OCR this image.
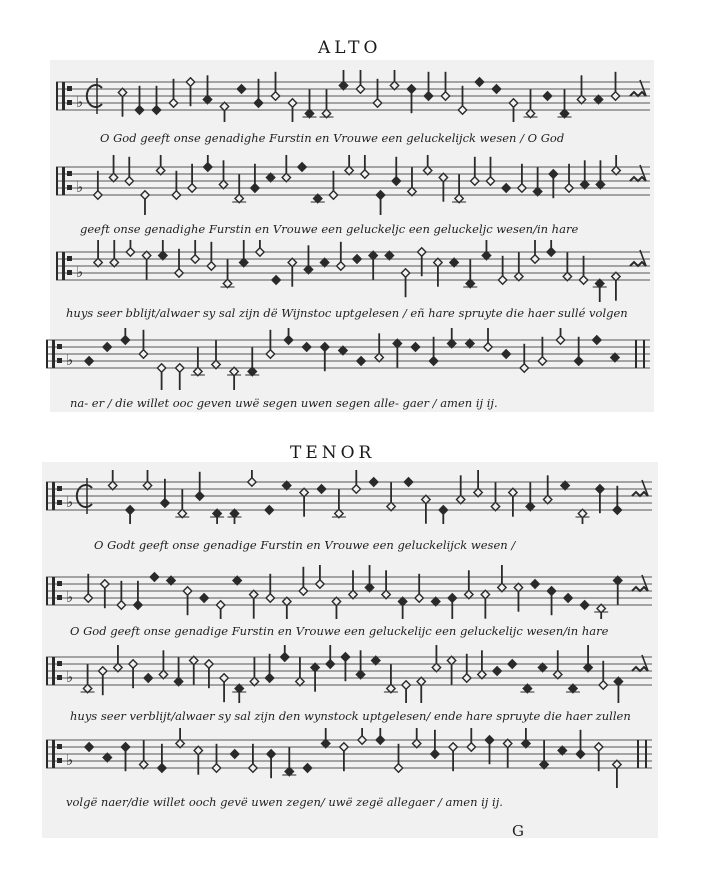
ALTO
♭
O God geeft onse genadighe Furstin en Vrouwe een geluckelijck wesen / O God
♭
geeft onse genadighe Furstin en Vrouwe een geluckeljc een geluckeljc wesen/in hare
♭
huys seer bblijt/alwaer sy sal zijn dë Wijnstoc uptgelesen / eñ hare spruyte die haer sullé volgen
♭
na- er / die willet ooc geven uwë segen uwen segen alle- gaer / amen ij ij.
TENOR
♭
O Godt geeft onse genadige Furstin en Vrouwe een geluckelijck wesen /
♭
O God geeft onse genadige Furstin en Vrouwe een geluckelijc een geluckelijc wesen/in hare
♭
huys seer verblijt/alwaer sy sal zijn den wynstock uptgelesen/ ende hare spruyte die haer zullen
♭
volgë naer/die willet ooch gevë uwen zegen/ uwë zegë allegaer / amen ij ij.
G
